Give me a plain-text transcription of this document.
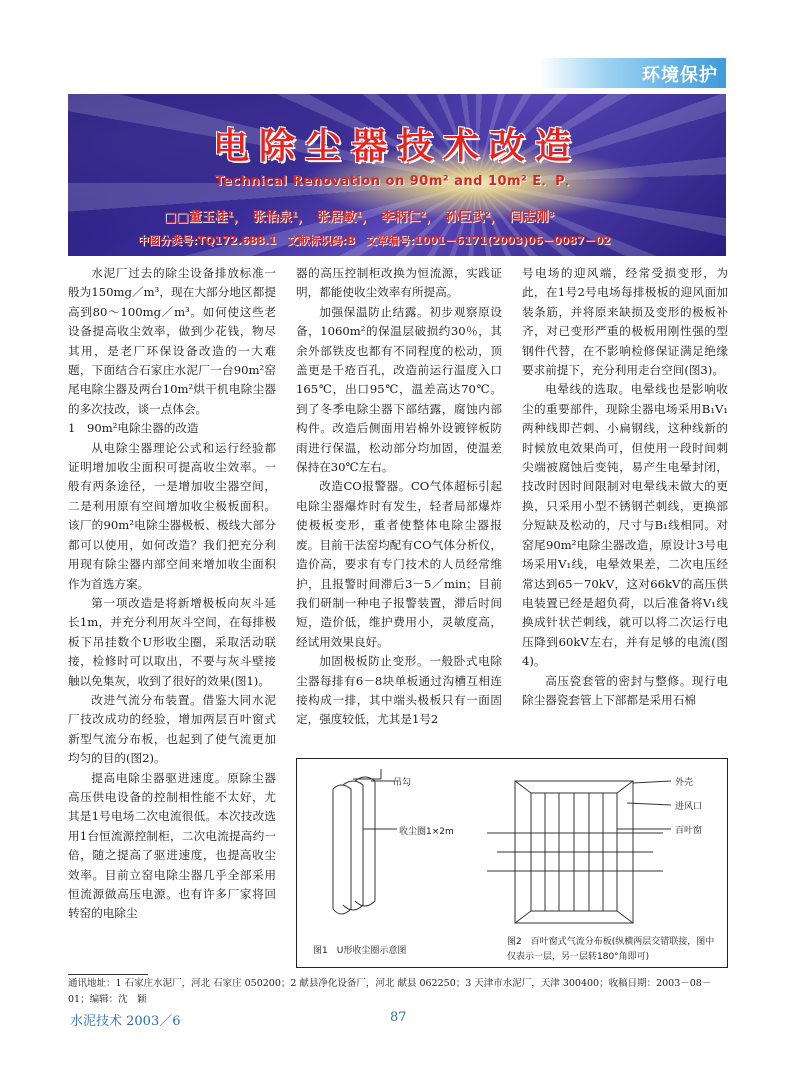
环境保护
电除尘器技术改造
Technical Renovation on 90m² and 10m² E．P．
□□董玉桂¹，　张怡泉¹，　张居敏¹，　李柄仁²，　孙巨武²，　闫志刚³
中图分类号:TQ172.688.1　文献标识码:B　文章编号:1001－6171(2003)06－0087－02

水泥厂过去的除尘设备排放标准一般为150mg／m³，现在大部分地区都提高到80～100mg／m³。如何使这些老设备提高收尘效率，做到少花钱，物尽其用，是老厂环保设备改造的一大难题，下面结合石家庄水泥厂一台90m²窑尾电除尘器及两台10m²烘干机电除尘器的多次技改，谈一点体会。

1　90m²电除尘器的改造

从电除尘器理论公式和运行经验都证明增加收尘面积可提高收尘效率。一般有两条途径，一是增加收尘器空间，二是利用原有空间增加收尘极板面积。该厂的90m²电除尘器极板、极线大部分都可以使用，如何改造？我们把充分利用现有除尘器内部空间来增加收尘面积作为首选方案。

第一项改造是将新增极板向灰斗延长1m，并充分利用灰斗空间，在每排极板下吊挂数个U形收尘圈，采取活动联接，检修时可以取出，不要与灰斗壁接触以免集灰，收到了很好的效果(图1)。

改进气流分布装置。借鉴大同水泥厂技改成功的经验，增加两层百叶窗式新型气流分布板，也起到了使气流更加均匀的目的(图2)。

提高电除尘器驱进速度。原除尘器高压供电设备的控制相性能不太好，尤其是1号电场二次电流很低。本次技改选用1台恒流源控制柜，二次电流提高约一倍，随之提高了驱进速度，也提高收尘效率。目前立窑电除尘器几乎全部采用恒流源做高压电源。也有许多厂家将回转窑的电除尘

器的高压控制柜改换为恒流源，实践证明，都能使收尘效率有所提高。

加强保温防止结露。初步观察原设备，1060m²的保温层破损约30％，其余外部铁皮也都有不同程度的松动，顶盖更是千疮百孔，改造前运行温度入口165℃，出口95℃，温差高达70℃。到了冬季电除尘器下部结露，腐蚀内部构件。改造后侧面用岩棉外设镀锌板防雨进行保温，松动部分均加固，使温差保持在30℃左右。

改造CO报警器。CO气体超标引起电除尘器爆炸时有发生，轻者局部爆炸使极板变形，重者使整体电除尘器报废。目前干法窑均配有CO气体分析仪，造价高，要求有专门技术的人员经常维护，且报警时间滞后3－5／min；目前我们研制一种电子报警装置，滞后时间短，造价低，维护费用小，灵敏度高，经试用效果良好。

加固极板防止变形。一般卧式电除尘器每排有6－8块单板通过沟槽互相连接构成一排，其中端头极板只有一面固定，强度较低，尤其是1号2

号电场的迎风端，经常受损变形，为此，在1号2号电场每排极板的迎风面加装条筋，并将原来缺损及变形的极板补齐，对已变形严重的极板用刚性强的型钢件代替，在不影响检修保证满足绝缘要求前提下，充分利用走台空间(图3)。

电晕线的选取。电晕线也是影响收尘的重要部件，现除尘器电场采用B₁V₁两种线即芒刺、小扁钢线，这种线新的时候放电效果尚可，但使用一段时间刺尖端被腐蚀后变钝，易产生电晕封闭，技改时因时间限制对电晕线未做大的更换，只采用小型不锈钢芒刺线，更换部分短缺及松动的，尺寸与B₁线相同。对窑尾90m²电除尘器改造，原设计3号电场采用V₁线，电晕效果差，二次电压经常达到65－70kV，这对66kV的高压供电装置已经是超负荷，以后准备将V₁线换成针状芒刺线，就可以将二次运行电压降到60kV左右，并有足够的电流(图4)。

高压瓷套管的密封与整修。现行电除尘器瓷套管上下部都是采用石棉

吊勾
收尘圈1×2m
外壳
进风口
百叶窗
图1　U形收尘圈示意图
图2　百叶窗式气流分布板(纵横两层交错联接，图中仅表示一层，另一层转180°角即可)
通讯地址：1 石家庄水泥厂，河北 石家庄 050200；2 献县净化设备厂，河北 献县 062250；3 天津市水泥厂，天津 300400；收稿日期：2003－08－01；编辑：沈　颖
水泥技术 2003／6	87
